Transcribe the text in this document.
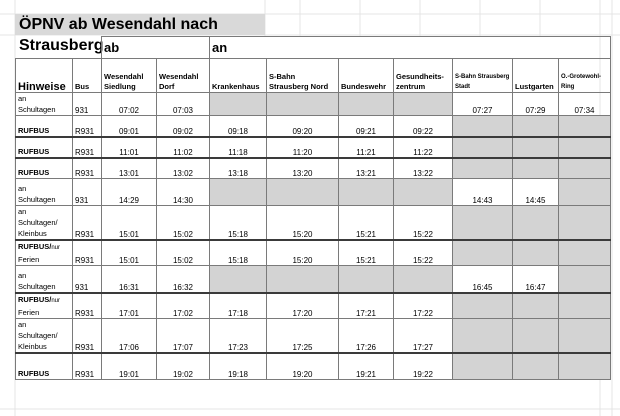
ÖPNV ab Wesendahl nach Strausberg
		ab		an						
Hinweise	Bus	Wesendahl Siedlung	Wesendahl Dorf	Krankenhaus	S-Bahn Strausberg Nord	Bundeswehr	Gesundheits-zentrum	S-Bahn Strausberg Stadt	Lustgarten	O.-Grotewohl-Ring
an
Schultagen	931	07:02	07:03					07:27	07:29	07:34
RUFBUS	R931	09:01	09:02	09:18	09:20	09:21	09:22			
RUFBUS	R931	11:01	11:02	11:18	11:20	11:21	11:22			
RUFBUS	R931	13:01	13:02	13:18	13:20	13:21	13:22			
an
Schultagen	931	14:29	14:30					14:43	14:45	
an
Schultagen/
Kleinbus	R931	15:01	15:02	15:18	15:20	15:21	15:22			
RUFBUS/nur
Ferien	R931	15:01	15:02	15:18	15:20	15:21	15:22			
an
Schultagen	931	16:31	16:32					16:45	16:47	
RUFBUS/nur
Ferien	R931	17:01	17:02	17:18	17:20	17:21	17:22			
an
Schultagen/
Kleinbus	R931	17:06	17:07	17:23	17:25	17:26	17:27			
RUFBUS	R931	19:01	19:02	19:18	19:20	19:21	19:22			
